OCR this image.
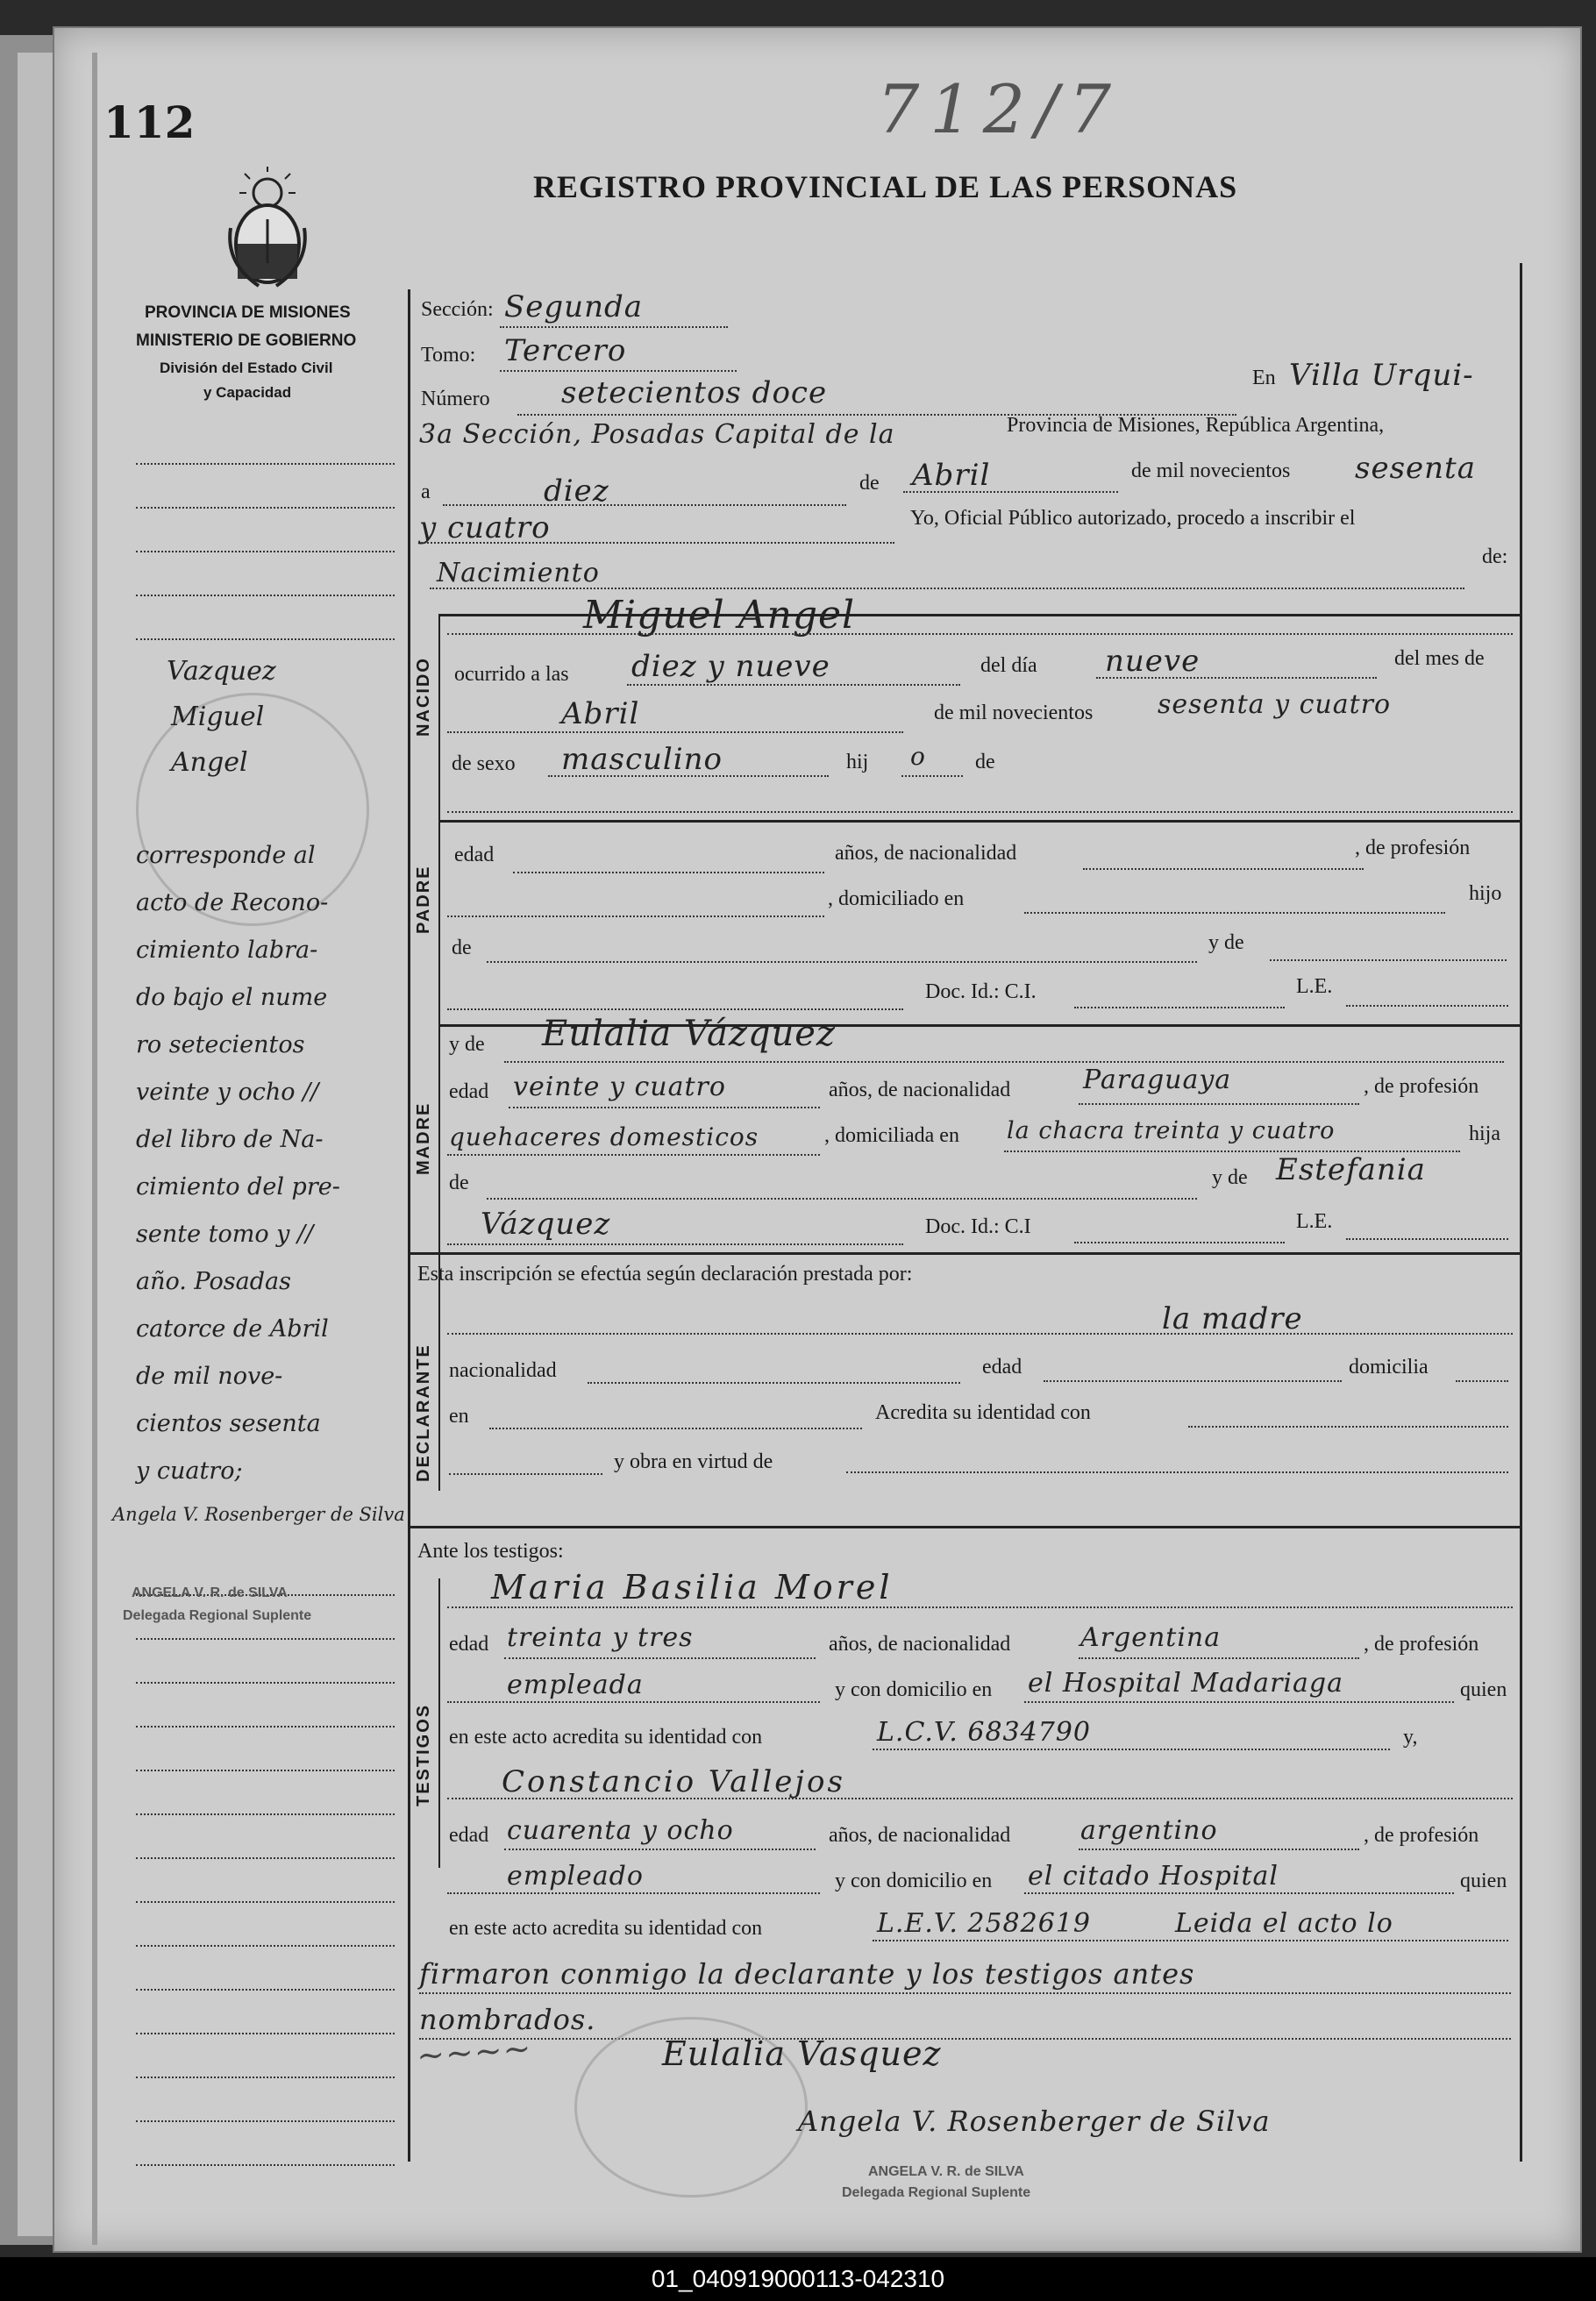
112	712/7
REGISTRO PROVINCIAL DE LAS PERSONAS
PROVINCIA DE MISIONES
MINISTERIO DE GOBIERNO
División del Estado Civil
y Capacidad
Vazquez
Miguel
Angel
corresponde al
acto de Recono-
cimiento labra-
do bajo el nume
ro setecientos
veinte y ocho //
del libro de Na-
cimiento del pre-
sente tomo y //
año. Posadas
catorce de Abril
de mil nove-
cientos sesenta
y cuatro;
Angela V. Rosenberger de Silva
ANGELA V. R. de SILVA
Delegada Regional Suplente
Sección: Segunda
Tomo: Tercero
Número setecientos doce	En Villa Urqui-
3a Sección, Posadas Capital de la	Provincia de Misiones, República Argentina,
a	diez	de Abril	de mil novecientos sesenta
y cuatro	Yo, Oficial Público autorizado, procedo a inscribir el
Nacimiento
de:
NACIDO
Miguel Angel
ocurrido a las diez y nueve	del día nueve	del mes de
Abril	de mil novecientos sesenta y cuatro
de sexo masculino	hij o de
PADRE
edad	años, de nacionalidad	, de profesión
, domiciliado en	hijo
de	y de
Doc. Id.: C.I.	L.E.
MADRE
y de Eulalia Vázquez
edad veinte y cuatro	años, de nacionalidad	Paraguaya	, de profesión
quehaceres domesticos	, domiciliada en la chacra treinta y cuatro	hija
de	y de Estefania
Vázquez	Doc. Id.: C.I	L.E.
Esta inscripción se efectúa según declaración prestada por:
DECLARANTE
la madre
nacionalidad	edad	domicilia
en	Acredita su identidad con
y obra en virtud de
Ante los testigos:
TESTIGOS
Maria Basilia Morel
edad treinta y tres	años, de nacionalidad	Argentina	, de profesión
empleada	y con domicilio en el Hospital Madariaga	quien
en este acto acredita su identidad con	L.C.V. 6834790	y,
Constancio Vallejos
edad cuarenta y ocho	años, de nacionalidad	argentino	, de profesión
empleado	y con domicilio en el citado Hospital	quien
en este acto acredita su identidad con	L.E.V. 2582619	Leida el acto lo
firmaron conmigo la declarante y los testigos antes
nombrados.
~~~~	Eulalia Vasquez
Angela V. Rosenberger de Silva
ANGELA V. R. de SILVA
Delegada Regional Suplente
01_040919000113-042310
